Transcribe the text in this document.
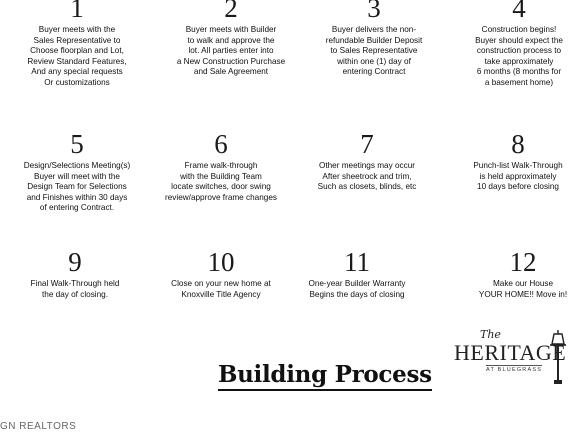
1
Buyer meets with the
Sales Representative to
Choose floorplan and Lot,
Review Standard Features,
And any special requests
Or customizations
2
Buyer meets with Builder
to walk and approve the
lot. All parties enter into
a New Construction Purchase
and Sale Agreement
3
Buyer delivers the non-
refundable Builder Deposit
to Sales Representative
within one (1) day of
entering Contract
4
Construction begins!
Buyer should expect the
construction process to
take approximately
6 months (8 months for
a basement home)
5
Design/Selections Meeting(s)
Buyer will meet with the
Design Team for Selections
and Finishes within 30 days
of entering Contract.
6
Frame walk-through
with the Building Team
locate switches, door swing
review/approve frame changes
7
Other meetings may occur
After sheetrock and trim,
Such as closets, blinds, etc
8
Punch-list Walk-Through
is held approximately
10 days before closing
9
Final Walk-Through held
the day of closing.
10
Close on your new home at
Knoxville Title Agency
11
One-year Builder Warranty
Begins the days of closing
12
Make our House
YOUR HOME!! Move in!
Building Process
The
HERITAGE
AT BLUEGRASS
GN REALTORS
